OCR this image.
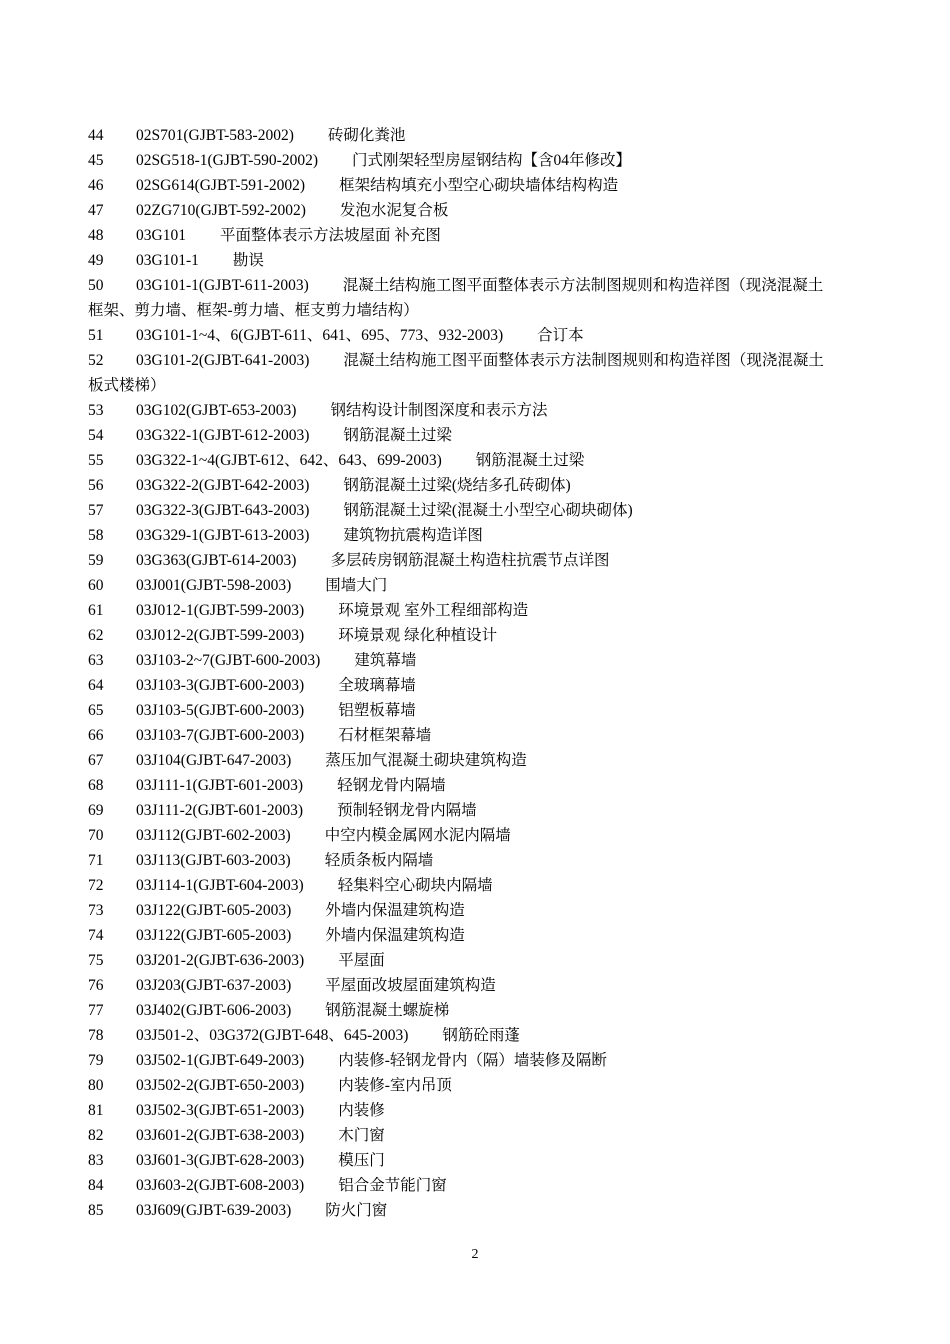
44 02S701(GJBT-583-2002) 砖砌化粪池
45 02SG518-1(GJBT-590-2002) 门式刚架轻型房屋钢结构【含04年修改】
46 02SG614(GJBT-591-2002) 框架结构填充小型空心砌块墙体结构构造
47 02ZG710(GJBT-592-2002) 发泡水泥复合板
48 03G101 平面整体表示方法坡屋面 补充图
49 03G101-1 勘误
50 03G101-1(GJBT-611-2003) 混凝土结构施工图平面整体表示方法制图规则和构造祥图（现浇混凝土
框架、剪力墙、框架-剪力墙、框支剪力墙结构）
51 03G101-1~4、6(GJBT-611、641、695、773、932-2003) 合订本
52 03G101-2(GJBT-641-2003) 混凝土结构施工图平面整体表示方法制图规则和构造祥图（现浇混凝土
板式楼梯）
53 03G102(GJBT-653-2003) 钢结构设计制图深度和表示方法
54 03G322-1(GJBT-612-2003) 钢筋混凝土过梁
55 03G322-1~4(GJBT-612、642、643、699-2003) 钢筋混凝土过梁
56 03G322-2(GJBT-642-2003) 钢筋混凝土过梁(烧结多孔砖砌体)
57 03G322-3(GJBT-643-2003) 钢筋混凝土过梁(混凝土小型空心砌块砌体)
58 03G329-1(GJBT-613-2003) 建筑物抗震构造详图
59 03G363(GJBT-614-2003) 多层砖房钢筋混凝土构造柱抗震节点详图
60 03J001(GJBT-598-2003) 围墙大门
61 03J012-1(GJBT-599-2003) 环境景观 室外工程细部构造
62 03J012-2(GJBT-599-2003) 环境景观 绿化种植设计
63 03J103-2~7(GJBT-600-2003) 建筑幕墙
64 03J103-3(GJBT-600-2003) 全玻璃幕墙
65 03J103-5(GJBT-600-2003) 铝塑板幕墙
66 03J103-7(GJBT-600-2003) 石材框架幕墙
67 03J104(GJBT-647-2003) 蒸压加气混凝土砌块建筑构造
68 03J111-1(GJBT-601-2003) 轻钢龙骨内隔墙
69 03J111-2(GJBT-601-2003) 预制轻钢龙骨内隔墙
70 03J112(GJBT-602-2003) 中空内模金属网水泥内隔墙
71 03J113(GJBT-603-2003) 轻质条板内隔墙
72 03J114-1(GJBT-604-2003) 轻集料空心砌块内隔墙
73 03J122(GJBT-605-2003) 外墙内保温建筑构造
74 03J122(GJBT-605-2003) 外墙内保温建筑构造
75 03J201-2(GJBT-636-2003) 平屋面
76 03J203(GJBT-637-2003) 平屋面改坡屋面建筑构造
77 03J402(GJBT-606-2003) 钢筋混凝土螺旋梯
78 03J501-2、03G372(GJBT-648、645-2003) 钢筋砼雨蓬
79 03J502-1(GJBT-649-2003) 内装修-轻钢龙骨内（隔）墙装修及隔断
80 03J502-2(GJBT-650-2003) 内装修-室内吊顶
81 03J502-3(GJBT-651-2003) 内装修
82 03J601-2(GJBT-638-2003) 木门窗
83 03J601-3(GJBT-628-2003) 模压门
84 03J603-2(GJBT-608-2003) 铝合金节能门窗
85 03J609(GJBT-639-2003) 防火门窗
2
